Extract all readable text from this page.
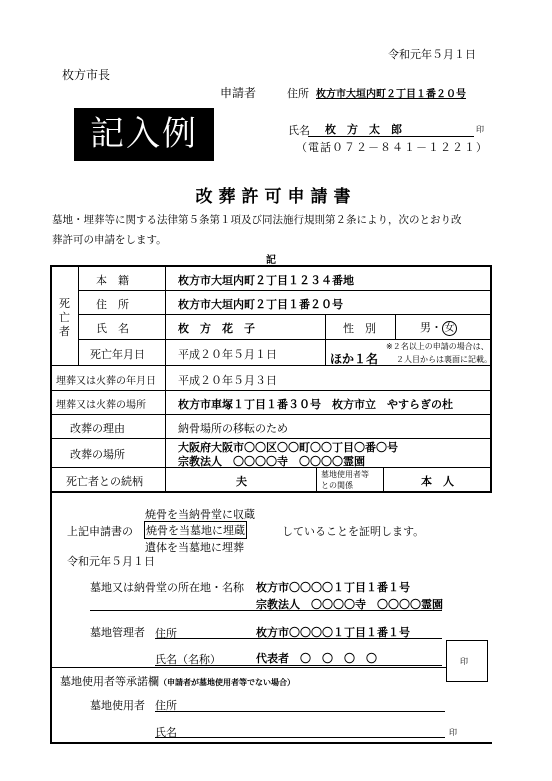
令和元年５月１日
枚方市長
申請者	住所 枚方市大垣内町２丁目１番２０号
記入例	氏名 枚　方　太　郎	印
（電話０７２－８４１－１２２１）
改葬許可申請書
墓地・埋葬等に関する法律第５条第１項及び同法施行規則第２条により，次のとおり改
葬許可の申請をします。
記
死
亡
者
本　籍	枚方市大垣内町２丁目１２３４番地
住　所	枚方市大垣内町２丁目１番２０号
氏　名	枚　方　花　子	性　別	男・ 女
死亡年月日	平成２０年５月１日	ほか１名
※２名以上の申請の場合は、
２人目からは裏面に記載。
埋葬又は火葬の年月日 平成２０年５月３日
埋葬又は火葬の場所	枚方市車塚１丁目１番３０号　枚方市立　やすらぎの杜
改葬の理由	納骨場所の移転のため
改葬の場所
大阪府大阪市〇〇区〇〇町〇〇丁目〇番〇号
宗教法人　〇〇〇〇寺　〇〇〇〇霊園
死亡者との続柄	夫
墓地使用者等
との関係	本　人
焼骨を当納骨堂に収蔵
上記申請書の 焼骨を当墓地に埋蔵	していることを証明します。
遺体を当墓地に埋葬
令和元年５月１日
墓地又は納骨堂の所在地・名称 枚方市〇〇〇〇１丁目１番１号
宗教法人　〇〇〇〇寺　〇〇〇〇霊園
墓地管理者 住所	枚方市〇〇〇〇１丁目１番１号
氏名（名称）	代表者　〇　〇　〇　〇	印
墓地使用者等承諾欄（申請者が墓地使用者等でない場合）
墓地使用者 住所
氏名	印
